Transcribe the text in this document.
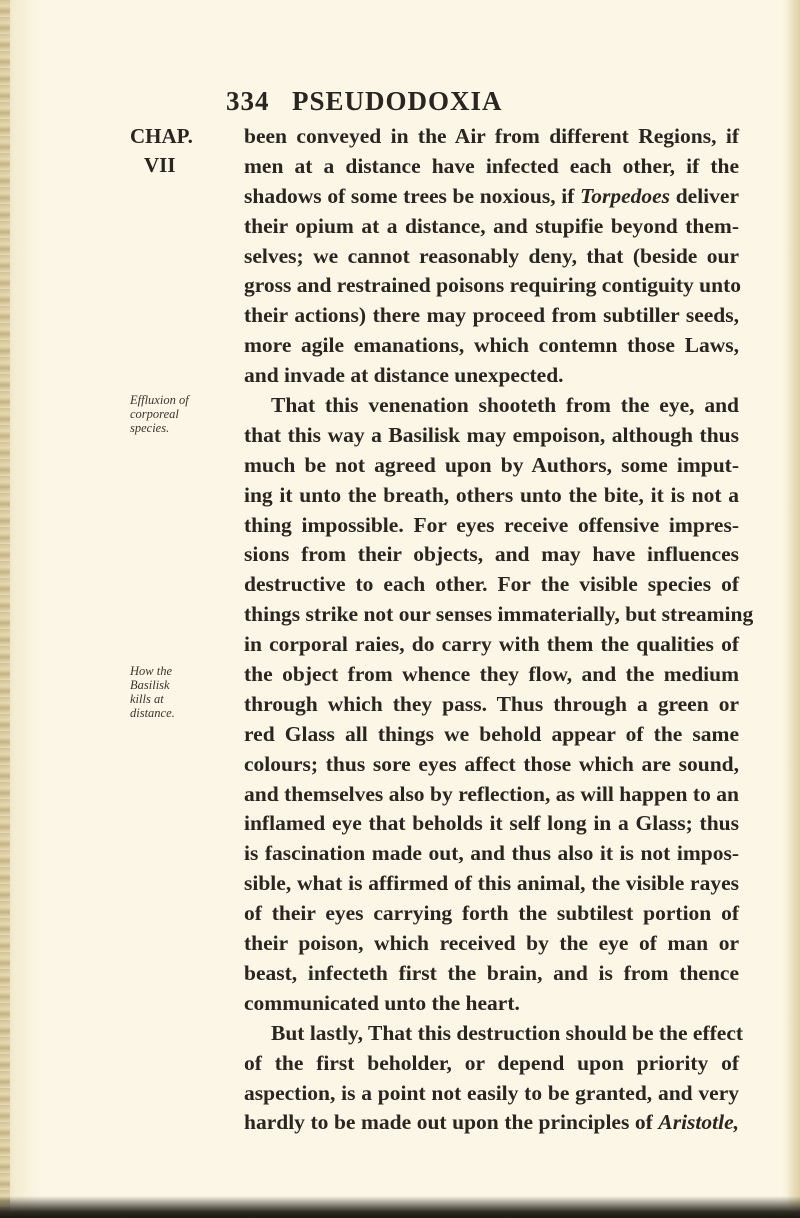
334 PSEUDODOXIA
CHAP.
VII
Effluxion of
corporeal
species.
How the
Basilisk
kills at
distance.
been conveyed in the Air from different Regions, if
men at a distance have infected each other, if the
shadows of some trees be noxious, if Torpedoes deliver
their opium at a distance, and stupifie beyond them-
selves; we cannot reasonably deny, that (beside our
gross and restrained poisons requiring contiguity unto
their actions) there may proceed from subtiller seeds,
more agile emanations, which contemn those Laws,
and invade at distance unexpected.
That this venenation shooteth from the eye, and
that this way a Basilisk may empoison, although thus
much be not agreed upon by Authors, some imput-
ing it unto the breath, others unto the bite, it is not a
thing impossible. For eyes receive offensive impres-
sions from their objects, and may have influences
destructive to each other. For the visible species of
things strike not our senses immaterially, but streaming
in corporal raies, do carry with them the qualities of
the object from whence they flow, and the medium
through which they pass. Thus through a green or
red Glass all things we behold appear of the same
colours; thus sore eyes affect those which are sound,
and themselves also by reflection, as will happen to an
inflamed eye that beholds it self long in a Glass; thus
is fascination made out, and thus also it is not impos-
sible, what is affirmed of this animal, the visible rayes
of their eyes carrying forth the subtilest portion of
their poison, which received by the eye of man or
beast, infecteth first the brain, and is from thence
communicated unto the heart.
But lastly, That this destruction should be the effect
of the first beholder, or depend upon priority of
aspection, is a point not easily to be granted, and very
hardly to be made out upon the principles of Aristotle,
